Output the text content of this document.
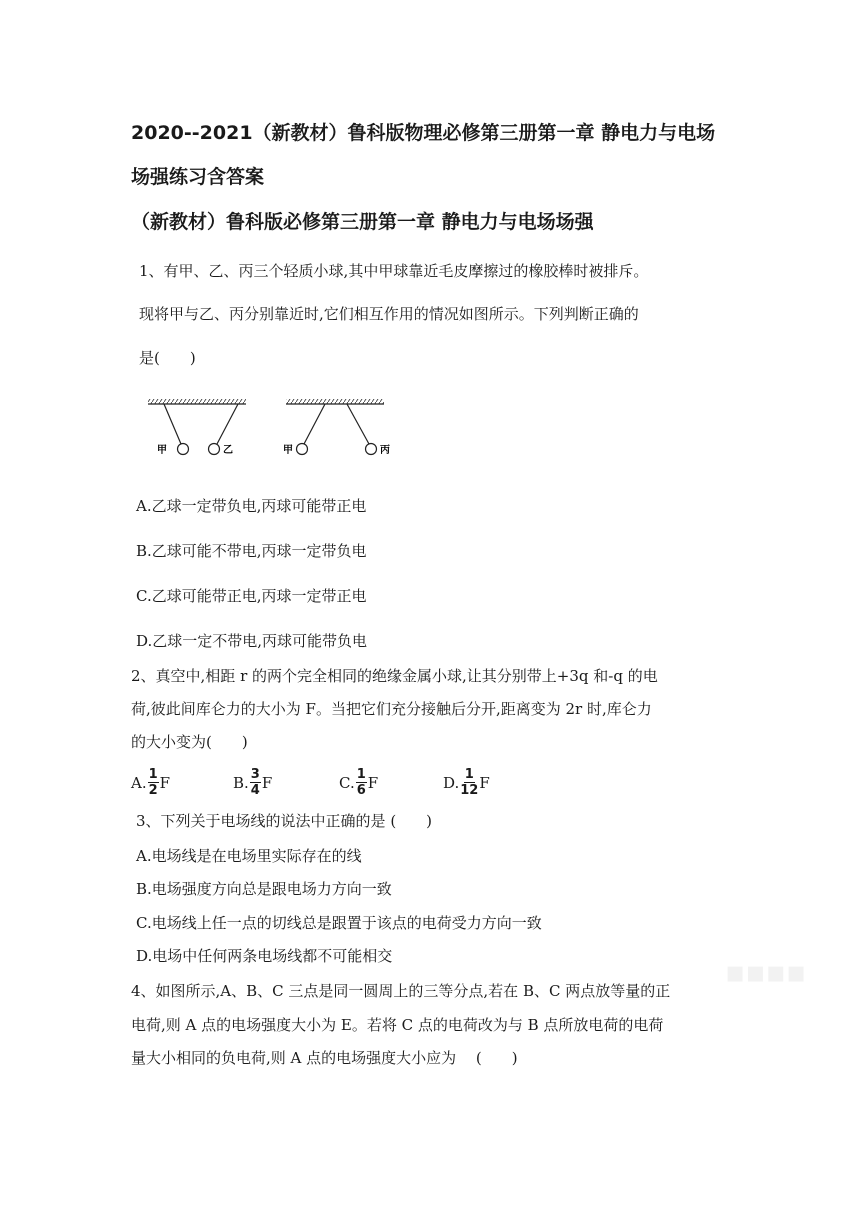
2020--2021（新教材）鲁科版物理必修第三册第一章 静电力与电场
场强练习含答案
（新教材）鲁科版必修第三册第一章 静电力与电场场强
1、有甲、乙、丙三个轻质小球,其中甲球靠近毛皮摩擦过的橡胶棒时被排斥。
现将甲与乙、丙分别靠近时,它们相互作用的情况如图所示。下列判断正确的
是(　　)
甲	乙	甲	丙
A.乙球一定带负电,丙球可能带正电
B.乙球可能不带电,丙球一定带负电
C.乙球可能带正电,丙球一定带正电
D.乙球一定不带电,丙球可能带负电
2、真空中,相距 r 的两个完全相同的绝缘金属小球,让其分别带上+3q 和-q 的电
荷,彼此间库仑力的大小为 F。当把它们充分接触后分开,距离变为 2r 时,库仑力
的大小变为(　　)
A. $\frac{1}{2}$ F	B. $\frac{3}{4}$ F	C. $\frac{1}{6}$ F	D. $\frac{1}{12}$ F
3、下列关于电场线的说法中正确的是 (　　)
A.电场线是在电场里实际存在的线
B.电场强度方向总是跟电场力方向一致
C.电场线上任一点的切线总是跟置于该点的电荷受力方向一致
D.电场中任何两条电场线都不可能相交	▪▪▪▪
4、如图所示,A、B、C 三点是同一圆周上的三等分点,若在 B、C 两点放等量的正
电荷,则 A 点的电场强度大小为 E。若将 C 点的电荷改为与 B 点所放电荷的电荷
量大小相同的负电荷,则 A 点的电场强度大小应为　 (　　)
